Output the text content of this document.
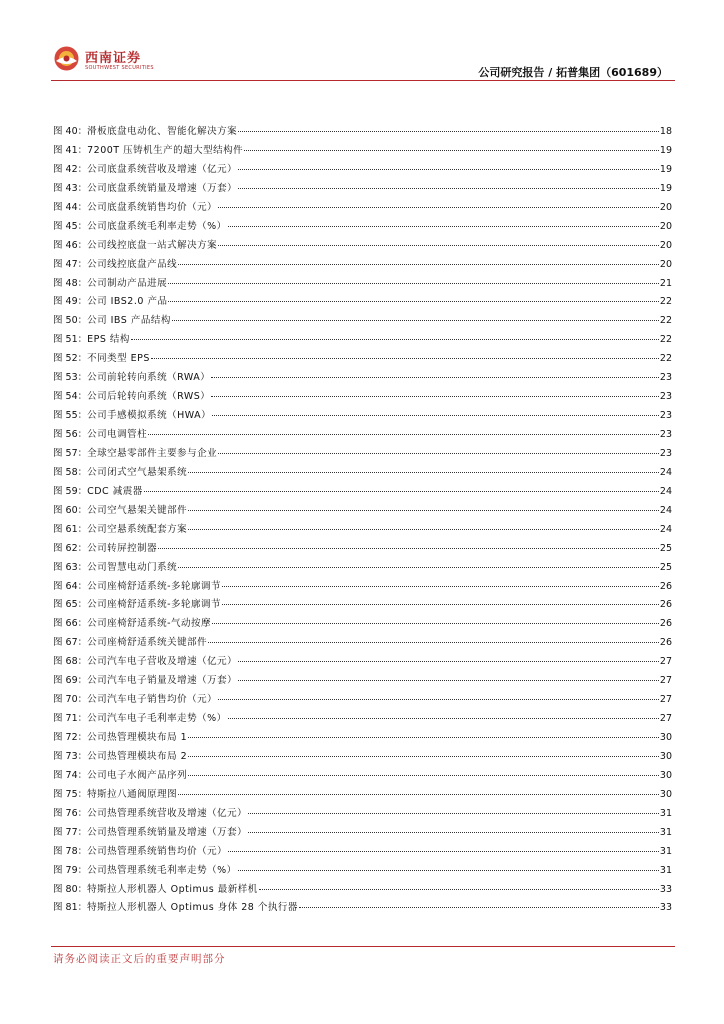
西南证券
SOUTHWEST SECURITIES	公司研究报告 / 拓普集团（601689）
图 40： 滑板底盘电动化、智能化解决方案	18
图 41： 7200T 压铸机生产的超大型结构件	19
图 42： 公司底盘系统营收及增速（亿元）	19
图 43： 公司底盘系统销量及增速（万套）	19
图 44： 公司底盘系统销售均价（元）	20
图 45： 公司底盘系统毛利率走势（%）	20
图 46： 公司线控底盘一站式解决方案	20
图 47： 公司线控底盘产品线	20
图 48： 公司制动产品进展	21
图 49： 公司 IBS2.0 产品	22
图 50： 公司 IBS 产品结构	22
图 51： EPS 结构	22
图 52： 不同类型 EPS	22
图 53： 公司前轮转向系统（RWA）	23
图 54： 公司后轮转向系统（RWS）	23
图 55： 公司手感模拟系统（HWA）	23
图 56： 公司电调管柱	23
图 57： 全球空悬零部件主要参与企业	23
图 58： 公司闭式空气悬架系统	24
图 59： CDC 减震器	24
图 60： 公司空气悬架关键部件	24
图 61： 公司空悬系统配套方案	24
图 62： 公司转屏控制器	25
图 63： 公司智慧电动门系统	25
图 64： 公司座椅舒适系统-多轮廓调节	26
图 65： 公司座椅舒适系统-多轮廓调节	26
图 66： 公司座椅舒适系统-气动按摩	26
图 67： 公司座椅舒适系统关键部件	26
图 68： 公司汽车电子营收及增速（亿元）	27
图 69： 公司汽车电子销量及增速（万套）	27
图 70： 公司汽车电子销售均价（元）	27
图 71： 公司汽车电子毛利率走势（%）	27
图 72： 公司热管理模块布局 1	30
图 73： 公司热管理模块布局 2	30
图 74： 公司电子水阀产品序列	30
图 75： 特斯拉八通阀原理图	30
图 76： 公司热管理系统营收及增速（亿元）	31
图 77： 公司热管理系统销量及增速（万套）	31
图 78： 公司热管理系统销售均价（元）	31
图 79： 公司热管理系统毛利率走势（%）	31
图 80： 特斯拉人形机器人 Optimus 最新样机	33
图 81： 特斯拉人形机器人 Optimus 身体 28 个执行器	33
请务必阅读正文后的重要声明部分
